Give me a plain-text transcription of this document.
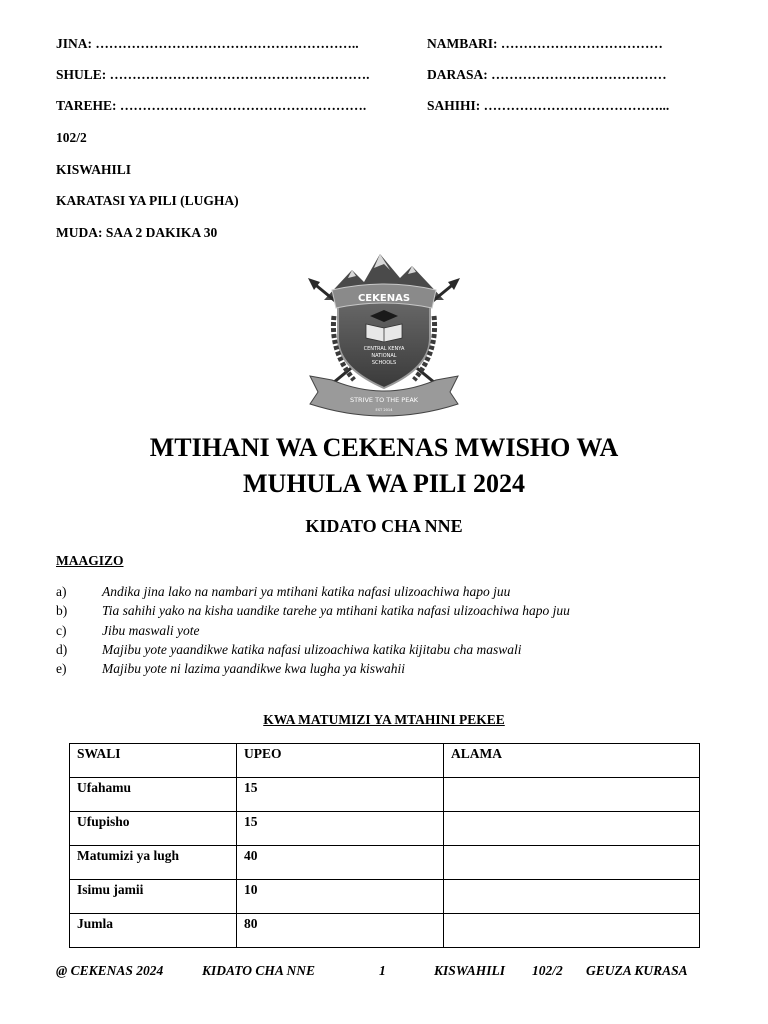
JINA: …………………………………………………..	NAMBARI: ………………………………
SHULE: ………………………………………………….	DARASA: …………………………………
TAREHE: ……………………………………………….	SAHIHI: …………………………………...
102/2
KISWAHILI
KARATASI YA PILI (LUGHA)
MUDA: SAA 2 DAKIKA 30
CEKENAS
CENTRAL KENYA
NATIONAL
SCHOOLS
STRIVE TO THE PEAK
EST 2014
MTIHANI WA CEKENAS MWISHO WA
MUHULA WA PILI 2024
KIDATO CHA NNE
MAAGIZO
a)	Andika jina lako na nambari ya mtihani katika nafasi ulizoachiwa hapo juu
b)	Tia sahihi yako na kisha uandike tarehe ya mtihani katika nafasi ulizoachiwa hapo juu
c)	Jibu maswali yote
d)	Majibu yote yaandikwe katika nafasi ulizoachiwa katika kijitabu cha maswali
e)	Majibu yote ni lazima yaandikwe kwa lugha ya kiswahii
KWA MATUMIZI YA MTAHINI PEKEE
SWALI	UPEO	ALAMA
Ufahamu	15	
Ufupisho	15	
Matumizi ya lugh	40	
Isimu jamii	10	
Jumla	80	
@ CEKENAS 2024	KIDATO CHA NNE	1	KISWAHILI 102/2 GEUZA KURASA
